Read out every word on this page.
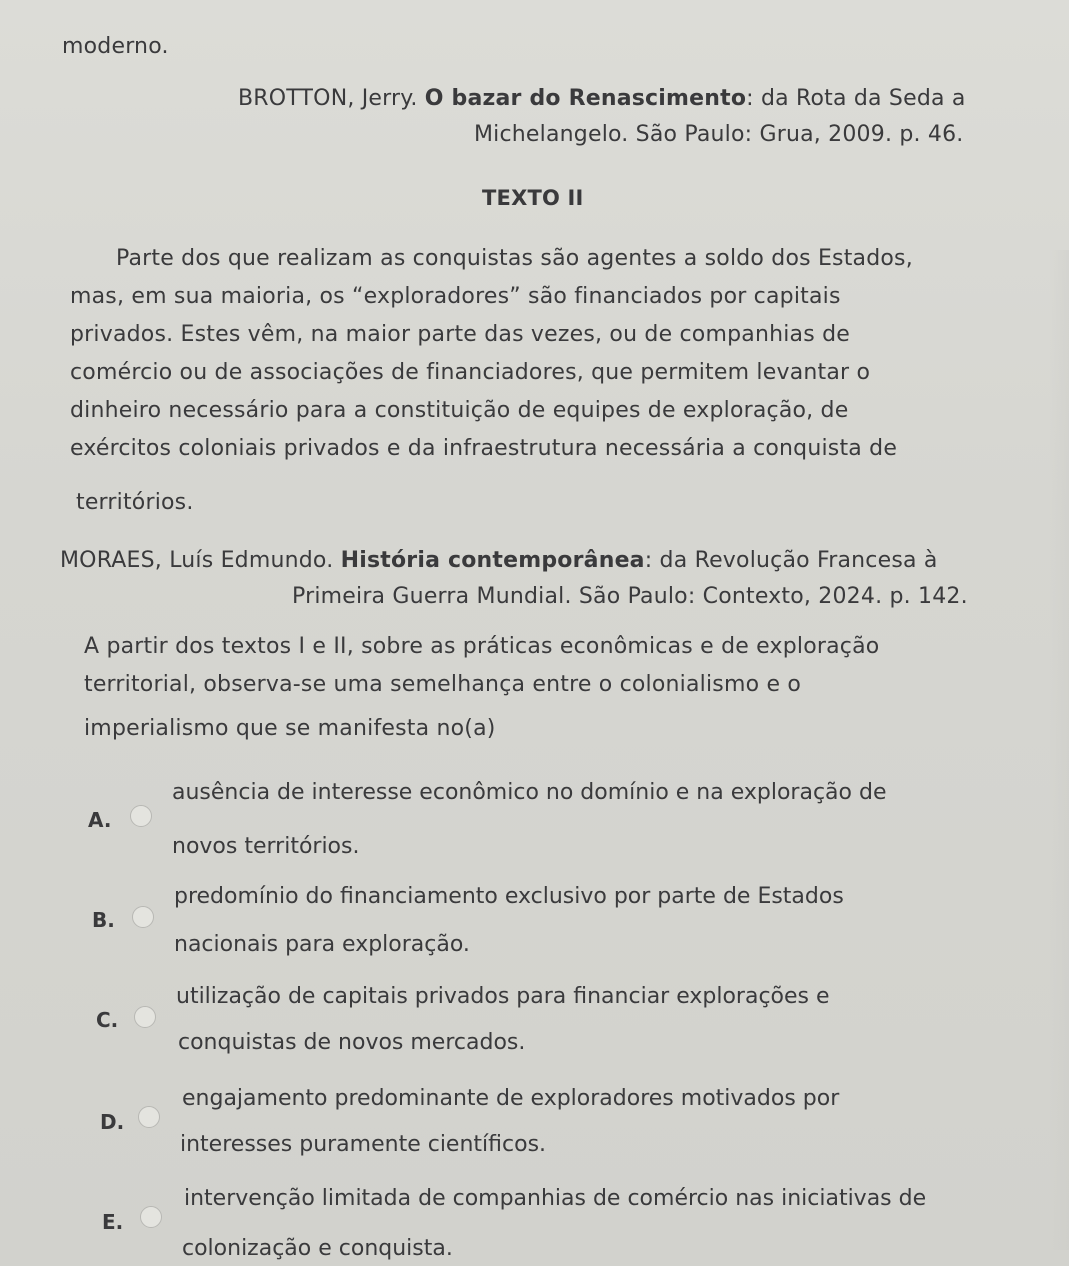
moderno.
BROTTON, Jerry. O bazar do Renascimento: da Rota da Seda a
Michelangelo. São Paulo: Grua, 2009. p. 46.
TEXTO II
Parte dos que realizam as conquistas são agentes a soldo dos Estados,
mas, em sua maioria, os “exploradores” são financiados por capitais
privados. Estes vêm, na maior parte das vezes, ou de companhias de
comércio ou de associações de financiadores, que permitem levantar o
dinheiro necessário para a constituição de equipes de exploração, de
exércitos coloniais privados e da infraestrutura necessária a conquista de
territórios.
MORAES, Luís Edmundo. História contemporânea: da Revolução Francesa à
Primeira Guerra Mundial. São Paulo: Contexto, 2024. p. 142.
A partir dos textos I e II, sobre as práticas econômicas e de exploração
territorial, observa-se uma semelhança entre o colonialismo e o
imperialismo que se manifesta no(a)
A.
ausência de interesse econômico no domínio e na exploração de
novos territórios.
B.
predomínio do financiamento exclusivo por parte de Estados
nacionais para exploração.
C.
utilização de capitais privados para financiar explorações e
conquistas de novos mercados.
D.
engajamento predominante de exploradores motivados por
interesses puramente científicos.
E.
intervenção limitada de companhias de comércio nas iniciativas de
colonização e conquista.
